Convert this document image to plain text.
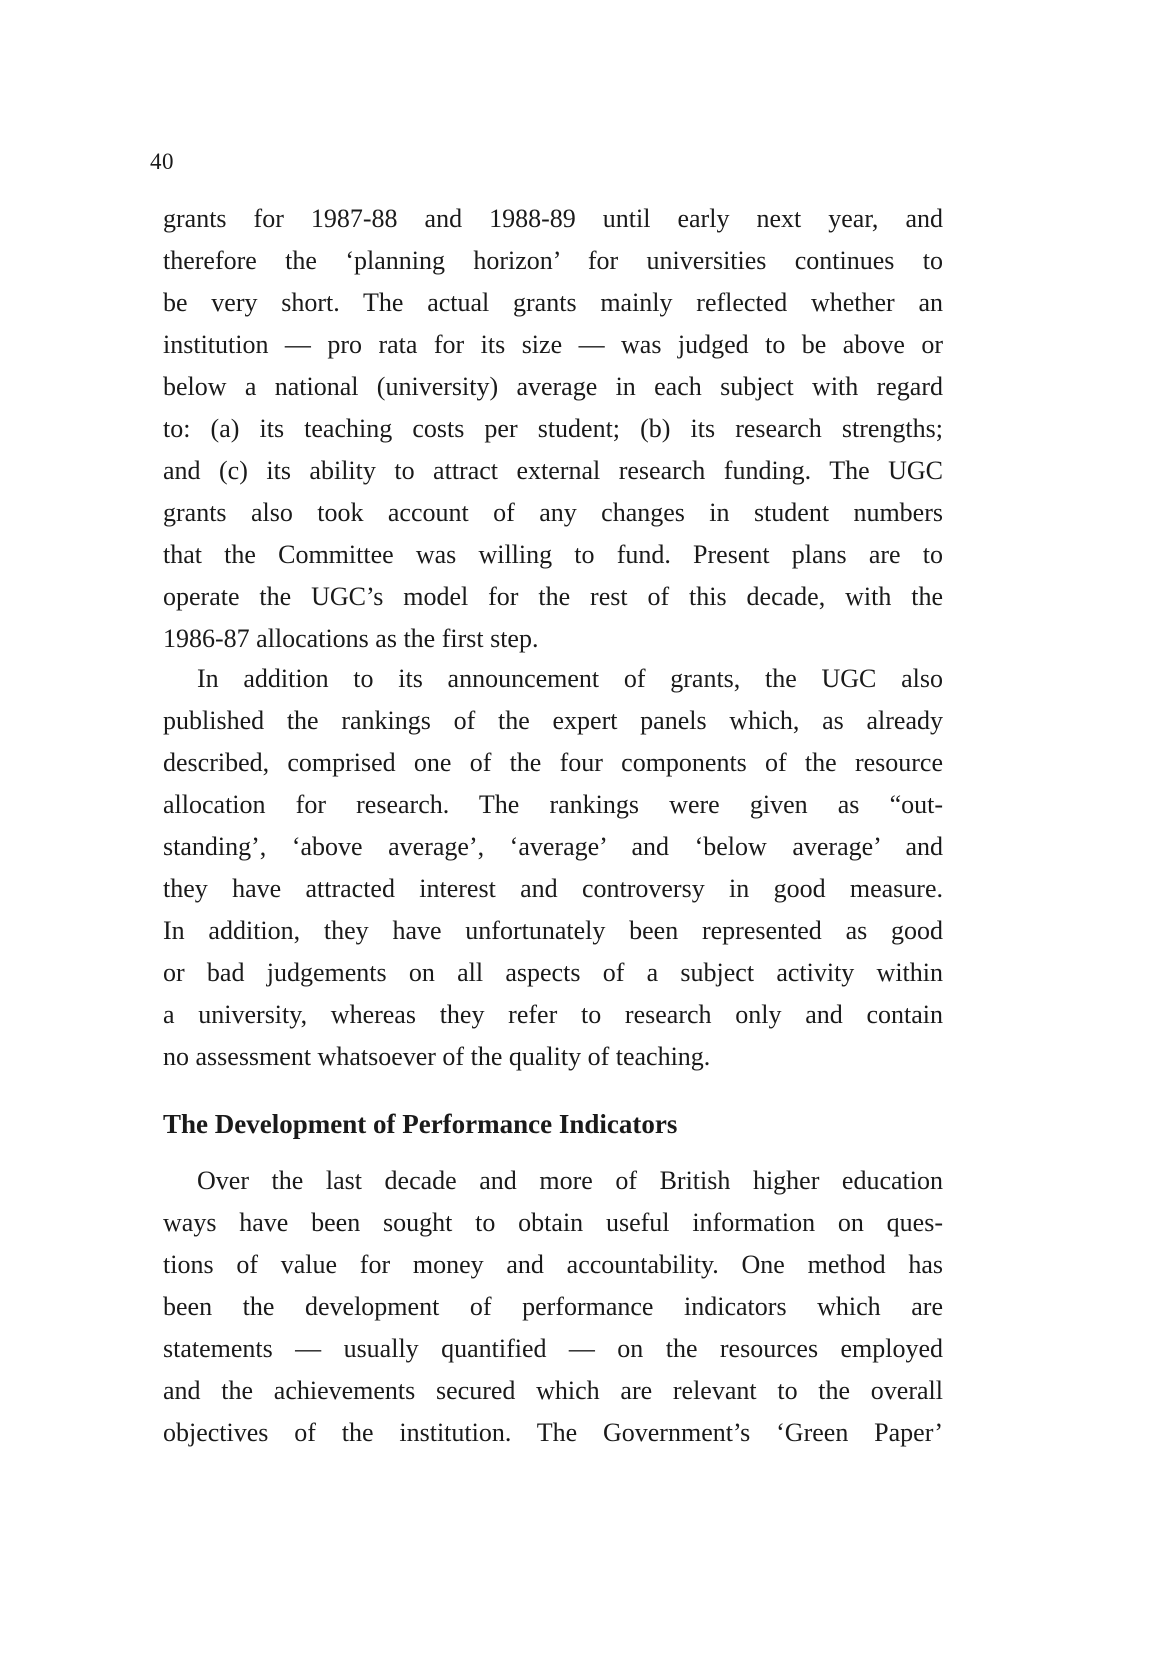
40
grants for 1987-88 and 1988-89 until early next year, and
therefore the ‘planning horizon’ for universities continues to
be very short. The actual grants mainly reflected whether an
institution — pro rata for its size — was judged to be above or
below a national (university) average in each subject with regard
to: (a) its teaching costs per student; (b) its research strengths;
and (c) its ability to attract external research funding. The UGC
grants also took account of any changes in student numbers
that the Committee was willing to fund. Present plans are to
operate the UGC’s model for the rest of this decade, with the
1986-87 allocations as the first step.
In addition to its announcement of grants, the UGC also
published the rankings of the expert panels which, as already
described, comprised one of the four components of the resource
allocation for research. The rankings were given as “out-
standing’, ‘above average’, ‘average’ and ‘below average’ and
they have attracted interest and controversy in good measure.
In addition, they have unfortunately been represented as good
or bad judgements on all aspects of a subject activity within
a university, whereas they refer to research only and contain
no assessment whatsoever of the quality of teaching.
The Development of Performance Indicators
Over the last decade and more of British higher education
ways have been sought to obtain useful information on ques-
tions of value for money and accountability. One method has
been the development of performance indicators which are
statements — usually quantified — on the resources employed
and the achievements secured which are relevant to the overall
objectives of the institution. The Government’s ‘Green Paper’
